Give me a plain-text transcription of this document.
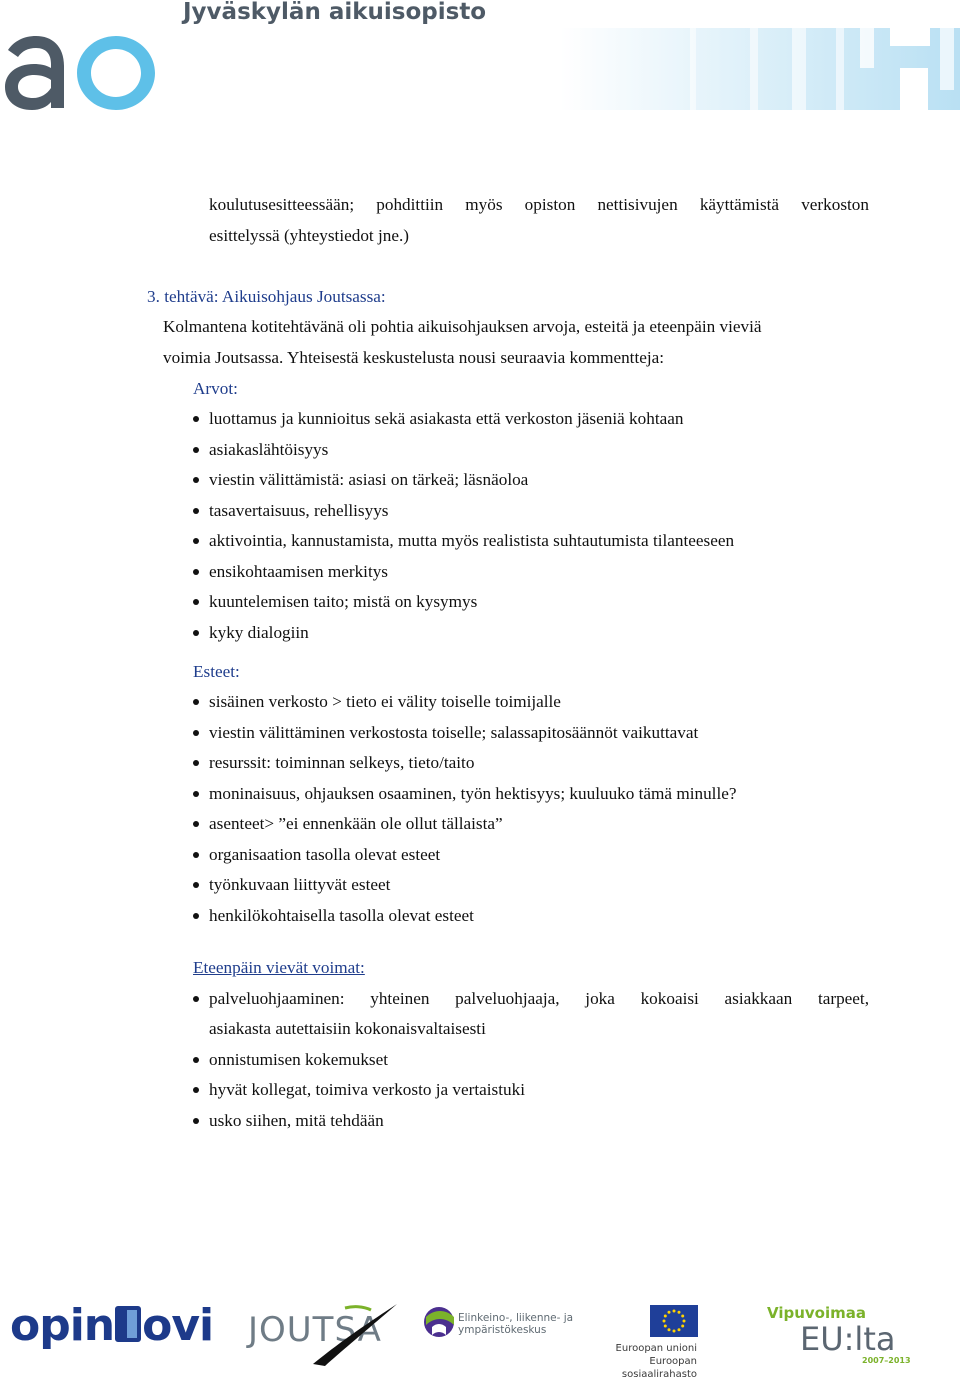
Jyväskylän aikuisopisto
koulutusesitteessään; pohdittiin myös opiston nettisivujen käyttämistä verkoston
esittelyssä (yhteystiedot jne.)
3. tehtävä: Aikuisohjaus Joutsassa:
Kolmantena kotitehtävänä oli pohtia aikuisohjauksen arvoja, esteitä ja eteenpäin vieviä
voimia Joutsassa. Yhteisestä keskustelusta nousi seuraavia kommentteja:
Arvot:
luottamus ja kunnioitus sekä asiakasta että verkoston jäseniä kohtaan
asiakaslähtöisyys
viestin välittämistä: asiasi on tärkeä; läsnäoloa
tasavertaisuus, rehellisyys
aktivointia, kannustamista, mutta myös realistista suhtautumista tilanteeseen
ensikohtaamisen merkitys
kuuntelemisen taito; mistä on kysymys
kyky dialogiin
Esteet:
sisäinen verkosto > tieto ei välity toiselle toimijalle
viestin välittäminen verkostosta toiselle; salassapitosäännöt vaikuttavat
resurssit: toiminnan selkeys, tieto/taito
moninaisuus, ohjauksen osaaminen, työn hektisyys; kuuluuko tämä minulle?
asenteet> ”ei ennenkään ole ollut tällaista”
organisaation tasolla olevat esteet
työnkuvaan liittyvät esteet
henkilökohtaisella tasolla olevat esteet
Eteenpäin vievät voimat:
palveluohjaaminen: yhteinen palveluohjaaja, joka kokoaisi asiakkaan tarpeet,
asiakasta autettaisiin kokonaisvaltaisesti
onnistumisen kokemukset
hyvät kollegat, toimiva verkosto ja vertaistuki
usko siihen, mitä tehdään
opin ovi JOUTSA	Elinkeino-, liikenne- ja
ympäristökeskus
Euroopan unioni
Euroopan sosiaalirahasto
Vipuvoimaa
EU:lta
2007–2013
